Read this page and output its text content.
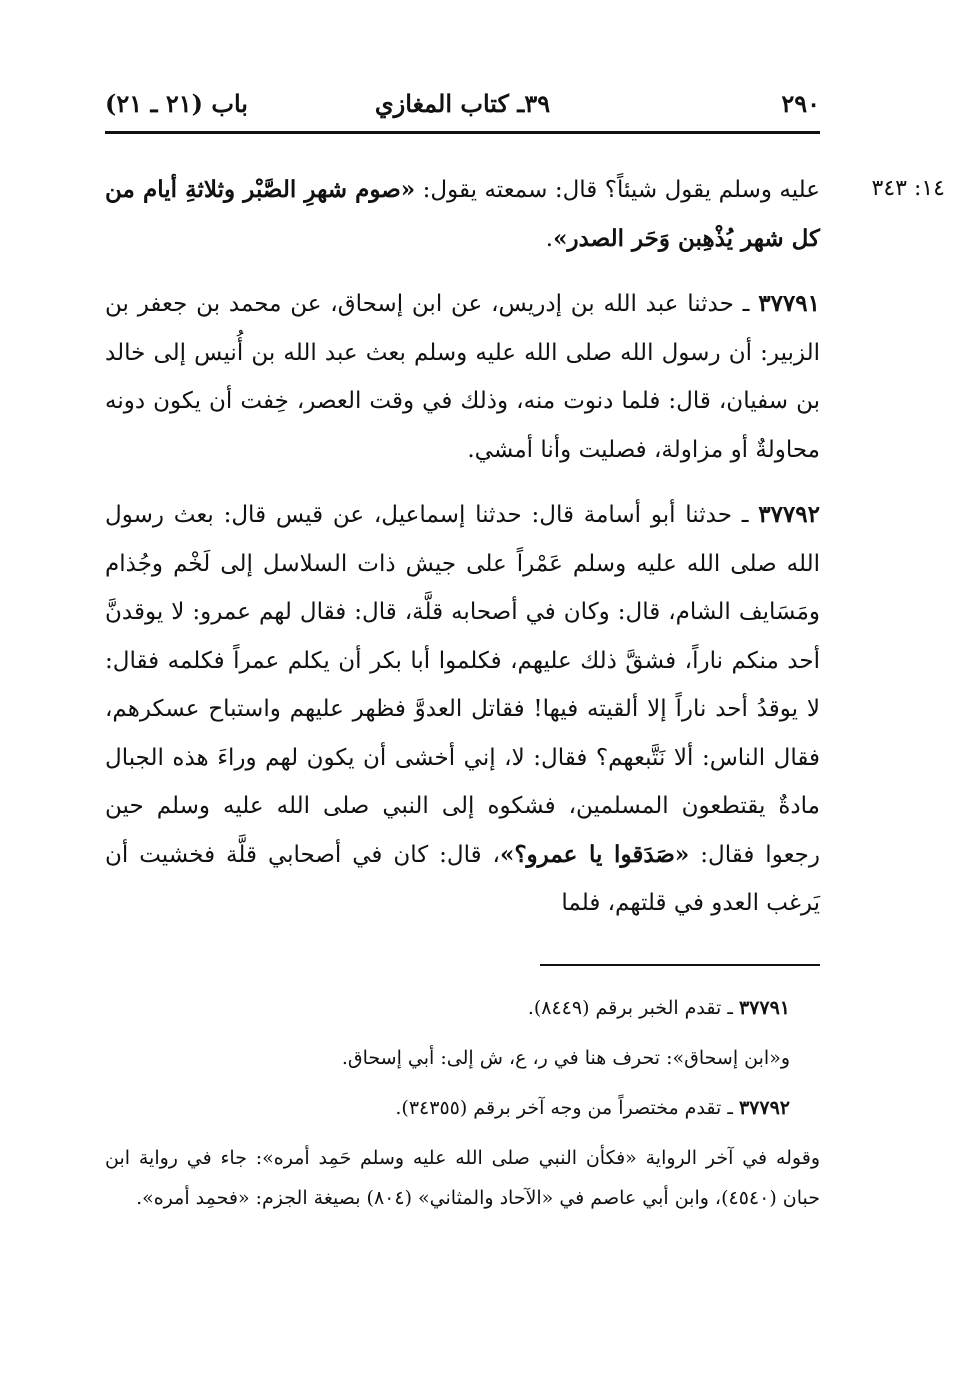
٢٩٠
٣٩ـ كتاب المغازي
باب (٢١ ـ ٢١)
١٤: ٣٤٣

عليه وسلم يقول شيئاً؟ قال: سمعته يقول: «صوم شهرِ الصَّبْر وثلاثةِ أيام من كل شهر يُذْهِبن وَحَر الصدر».

٣٧٧٩١ ـ حدثنا عبد الله بن إدريس، عن ابن إسحاق، عن محمد بن جعفر بن الزبير: أن رسول الله صلى الله عليه وسلم بعث عبد الله بن أُنيس إلى خالد بن سفيان، قال: فلما دنوت منه، وذلك في وقت العصر، خِفت أن يكون دونه محاولةٌ أو مزاولة، فصليت وأنا أمشي.

٣٧٧٩٢ ـ حدثنا أبو أسامة قال: حدثنا إسماعيل، عن قيس قال: بعث رسول الله صلى الله عليه وسلم عَمْراً على جيش ذات السلاسل إلى لَخْم وجُذام ومَسَايف الشام، قال: وكان في أصحابه قلَّة، قال: فقال لهم عمرو: لا يوقدنَّ أحد منكم ناراً، فشقَّ ذلك عليهم، فكلموا أبا بكر أن يكلم عمراً فكلمه فقال: لا يوقدُ أحد ناراً إلا ألقيته فيها! فقاتل العدوَّ فظهر عليهم واستباح عسكرهم، فقال الناس: ألا نَتَّبعهم؟ فقال: لا، إني أخشى أن يكون لهم وراءَ هذه الجبال مادةٌ يقتطعون المسلمين، فشكوه إلى النبي صلى الله عليه وسلم حين رجعوا فقال: «صَدَقوا يا عمرو؟»، قال: كان في أصحابي قلَّة فخشيت أن يَرغب العدو في قلتهم، فلما

٣٧٧٩١ ـ تقدم الخبر برقم (٨٤٤٩).

و«ابن إسحاق»: تحرف هنا في ر، ع، ش إلى: أبي إسحاق.

٣٧٧٩٢ ـ تقدم مختصراً من وجه آخر برقم (٣٤٣٥٥).

وقوله في آخر الرواية «فكأن النبي صلى الله عليه وسلم حَمِد أمره»: جاء في رواية ابن حبان (٤٥٤٠)، وابن أبي عاصم في «الآحاد والمثاني» (٨٠٤) بصيغة الجزم: «فحمِد أمره».
